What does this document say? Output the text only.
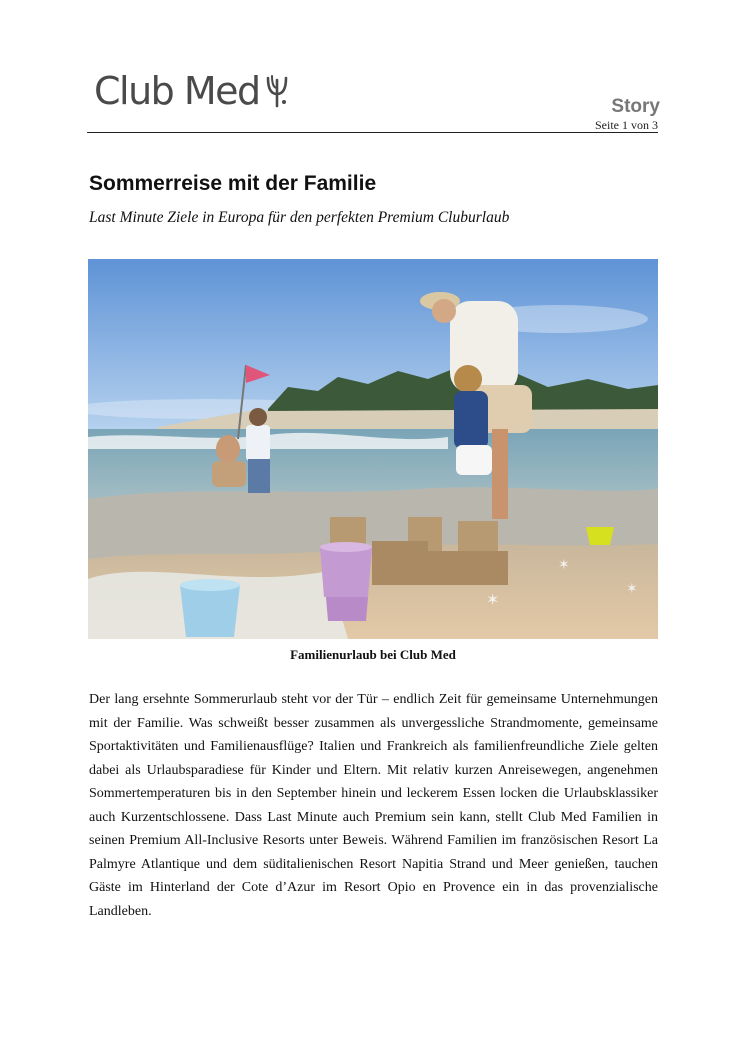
Club Med	Story
Seite 1 von 3
Sommerreise mit der Familie

Last Minute Ziele in Europa für den perfekten Premium Cluburlaub

✶
✶
✶
Familienurlaub bei Club Med

Der lang ersehnte Sommerurlaub steht vor der Tür – endlich Zeit für gemeinsame Unternehmungen mit der Familie. Was schweißt besser zusammen als unvergessliche Strandmomente, gemeinsame Sportaktivitäten und Familienausflüge? Italien und Frankreich als familienfreundliche Ziele gelten dabei als Urlaubsparadiese für Kinder und Eltern. Mit relativ kurzen Anreisewegen, angenehmen Sommertemperaturen bis in den September hinein und leckerem Essen locken die Urlaubsklassiker auch Kurzentschlossene. Dass Last Minute auch Premium sein kann, stellt Club Med Familien in seinen Premium All-Inclusive Resorts unter Beweis. Während Familien im französischen Resort La Palmyre Atlantique und dem süditalienischen Resort Napitia Strand und Meer genießen, tauchen Gäste im Hinterland der Cote d’Azur im Resort Opio en Provence ein in das provenzialische Landleben.
